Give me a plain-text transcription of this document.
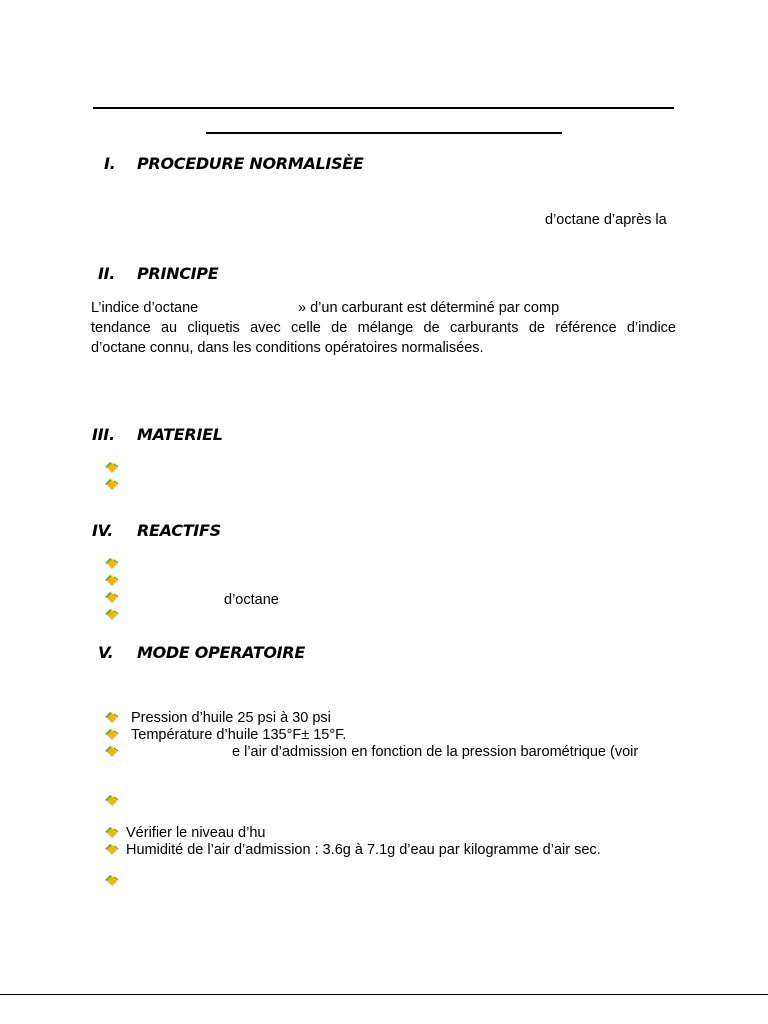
I. PROCEDURE NORMALISÈE
d’octane d’après la
II. PRINCIPE
L’indice d’octane	» d’un carburant est déterminé par comp
tendance au cliquetis avec celle de mélange de carburants de référence d’indice
d’octane connu, dans les conditions opératoires normalisées.
III. MATERIEL
IV. REACTIFS
d’octane
V. MODE OPERATOIRE
Pression d’huile 25 psi à 30 psi
Température d’huile 135°F± 15°F.
e l’air d’admission en fonction de la pression barométrique (voir
Vérifier le niveau d’hu
Humidité de l’air d’admission : 3.6g à 7.1g d’eau par kilogramme d’air sec.
